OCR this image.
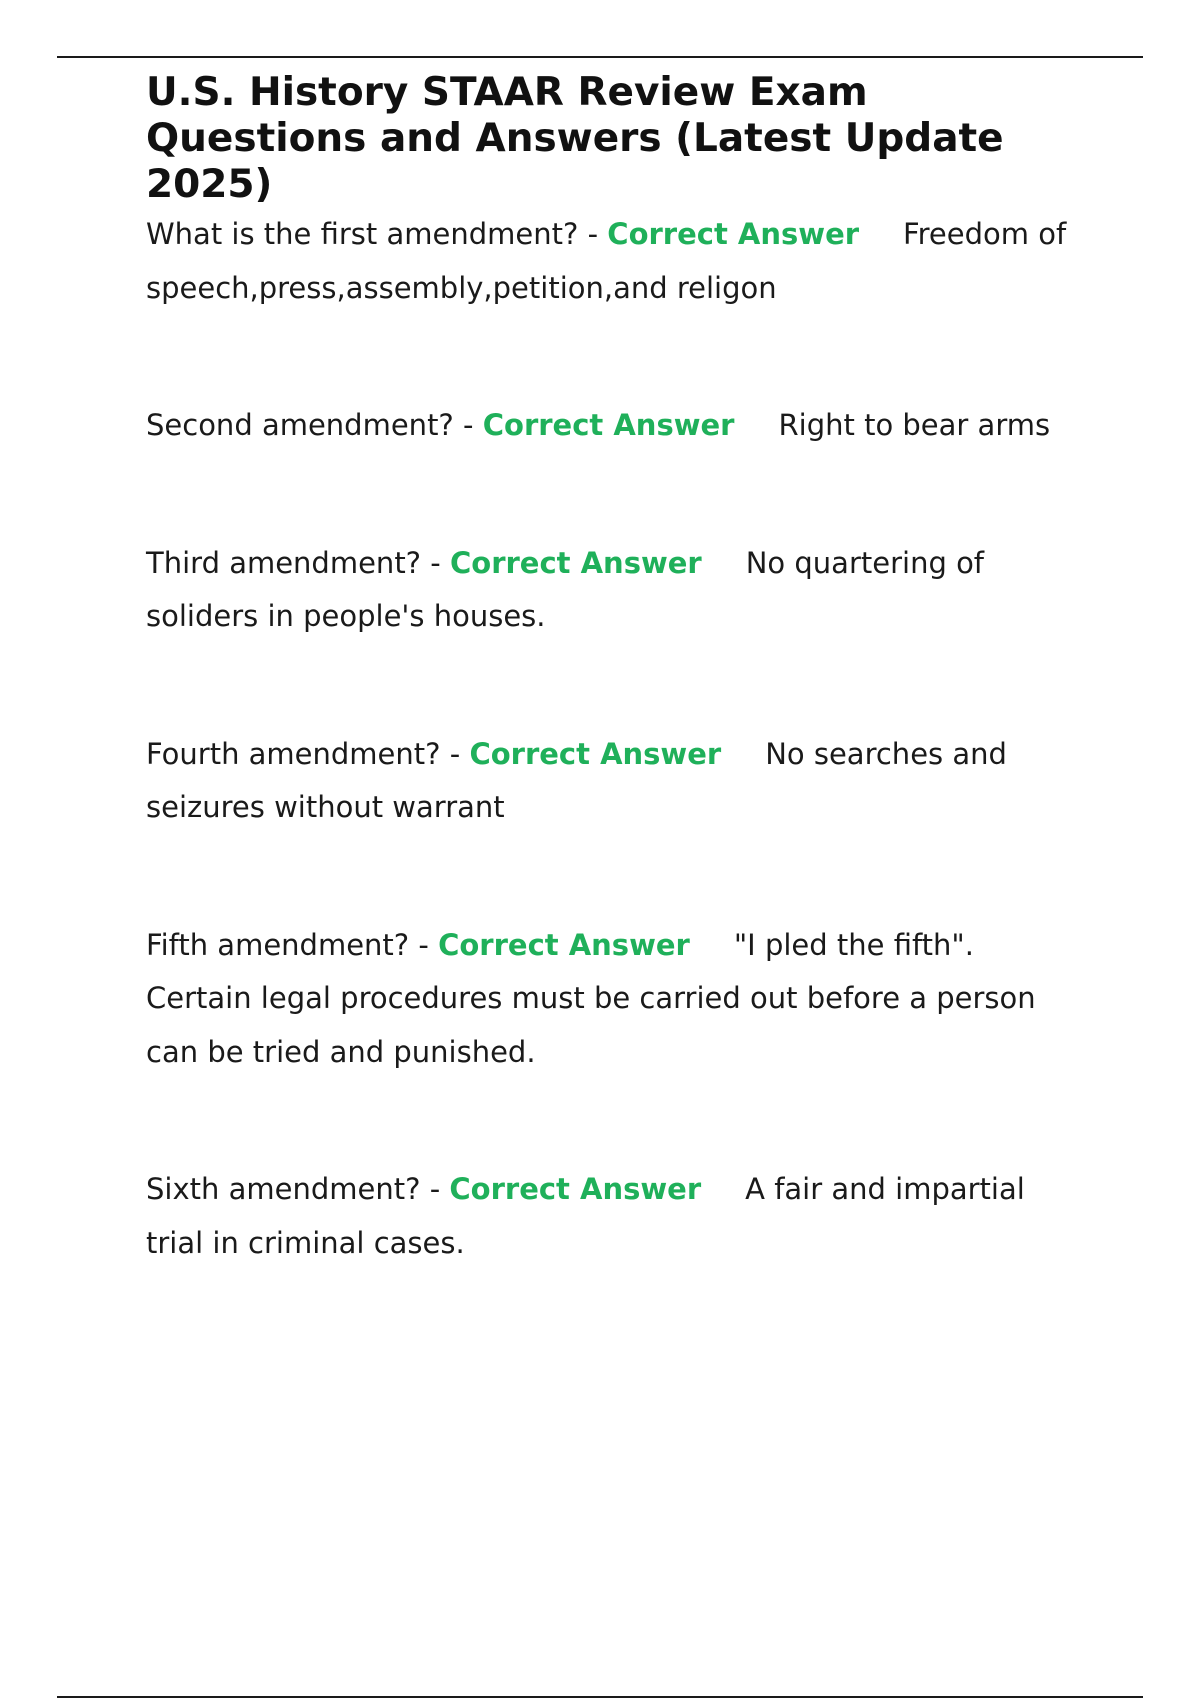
U.S. History STAAR Review Exam Questions and Answers (Latest Update 2025)
What is the first amendment? - Correct Answer Freedom of speech,press,assembly,petition,and religon
Second amendment? - Correct Answer Right to bear arms
Third amendment? - Correct Answer No quartering of soliders in people's houses.
Fourth amendment? - Correct Answer No searches and seizures without warrant
Fifth amendment? - Correct Answer "I pled the fifth". Certain legal procedures must be carried out before a person can be tried and punished.
Sixth amendment? - Correct Answer A fair and impartial trial in criminal cases.
